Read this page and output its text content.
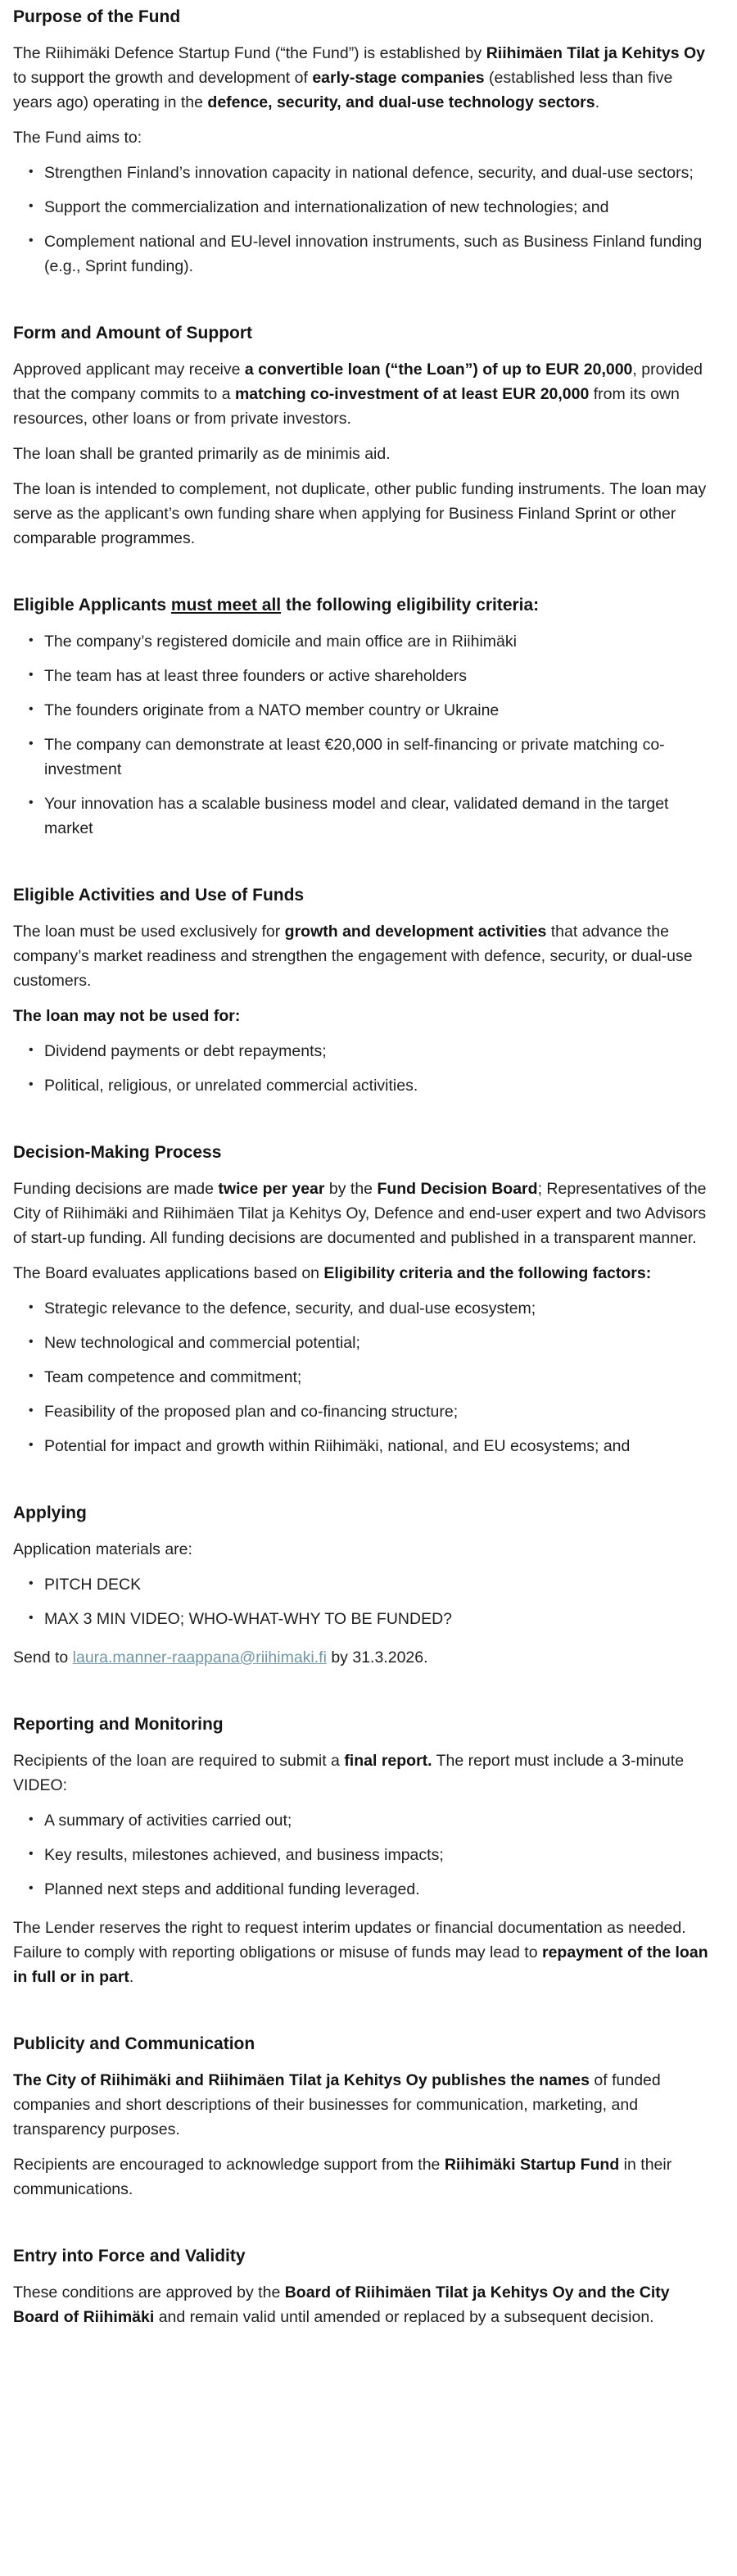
Purpose of the Fund

The Riihimäki Defence Startup Fund (“the Fund”) is established by Riihimäen Tilat ja Kehitys Oy to support the growth and development of early-stage companies (established less than five years ago) operating in the defence, security, and dual-use technology sectors.

The Fund aims to:

• Strengthen Finland’s innovation capacity in national defence, security, and dual-use sectors;
• Support the commercialization and internationalization of new technologies; and
• Complement national and EU-level innovation instruments, such as Business Finland funding (e.g., Sprint funding).
Form and Amount of Support

Approved applicant may receive a convertible loan (“the Loan”) of up to EUR 20,000, provided that the company commits to a matching co-investment of at least EUR 20,000 from its own resources, other loans or from private investors.

The loan shall be granted primarily as de minimis aid.

The loan is intended to complement, not duplicate, other public funding instruments. The loan may serve as the applicant’s own funding share when applying for Business Finland Sprint or other comparable programmes.

Eligible Applicants must meet all the following eligibility criteria:
• The company’s registered domicile and main office are in Riihimäki
• The team has at least three founders or active shareholders
• The founders originate from a NATO member country or Ukraine
• The company can demonstrate at least €20,000 in self-financing or private matching co-investment
• Your innovation has a scalable business model and clear, validated demand in the target market
Eligible Activities and Use of Funds

The loan must be used exclusively for growth and development activities that advance the company’s market readiness and strengthen the engagement with defence, security, or dual-use customers.

The loan may not be used for:

• Dividend payments or debt repayments;
• Political, religious, or unrelated commercial activities.
Decision-Making Process

Funding decisions are made twice per year by the Fund Decision Board; Representatives of the City of Riihimäki and Riihimäen Tilat ja Kehitys Oy, Defence and end-user expert and two Advisors of start-up funding. All funding decisions are documented and published in a transparent manner.

The Board evaluates applications based on Eligibility criteria and the following factors:

• Strategic relevance to the defence, security, and dual-use ecosystem;
• New technological and commercial potential;
• Team competence and commitment;
• Feasibility of the proposed plan and co-financing structure;
• Potential for impact and growth within Riihimäki, national, and EU ecosystems; and
Applying

Application materials are:

• PITCH DECK
• MAX 3 MIN VIDEO; WHO-WHAT-WHY TO BE FUNDED?

Send to laura.manner-raappana@riihimaki.fi by 31.3.2026.

Reporting and Monitoring

Recipients of the loan are required to submit a final report. The report must include a 3-minute VIDEO:

• A summary of activities carried out;
• Key results, milestones achieved, and business impacts;
• Planned next steps and additional funding leveraged.

The Lender reserves the right to request interim updates or financial documentation as needed. Failure to comply with reporting obligations or misuse of funds may lead to repayment of the loan in full or in part.

Publicity and Communication

The City of Riihimäki and Riihimäen Tilat ja Kehitys Oy publishes the names of funded companies and short descriptions of their businesses for communication, marketing, and transparency purposes.

Recipients are encouraged to acknowledge support from the Riihimäki Startup Fund in their communications.

Entry into Force and Validity

These conditions are approved by the Board of Riihimäen Tilat ja Kehitys Oy and the City Board of Riihimäki and remain valid until amended or replaced by a subsequent decision.
